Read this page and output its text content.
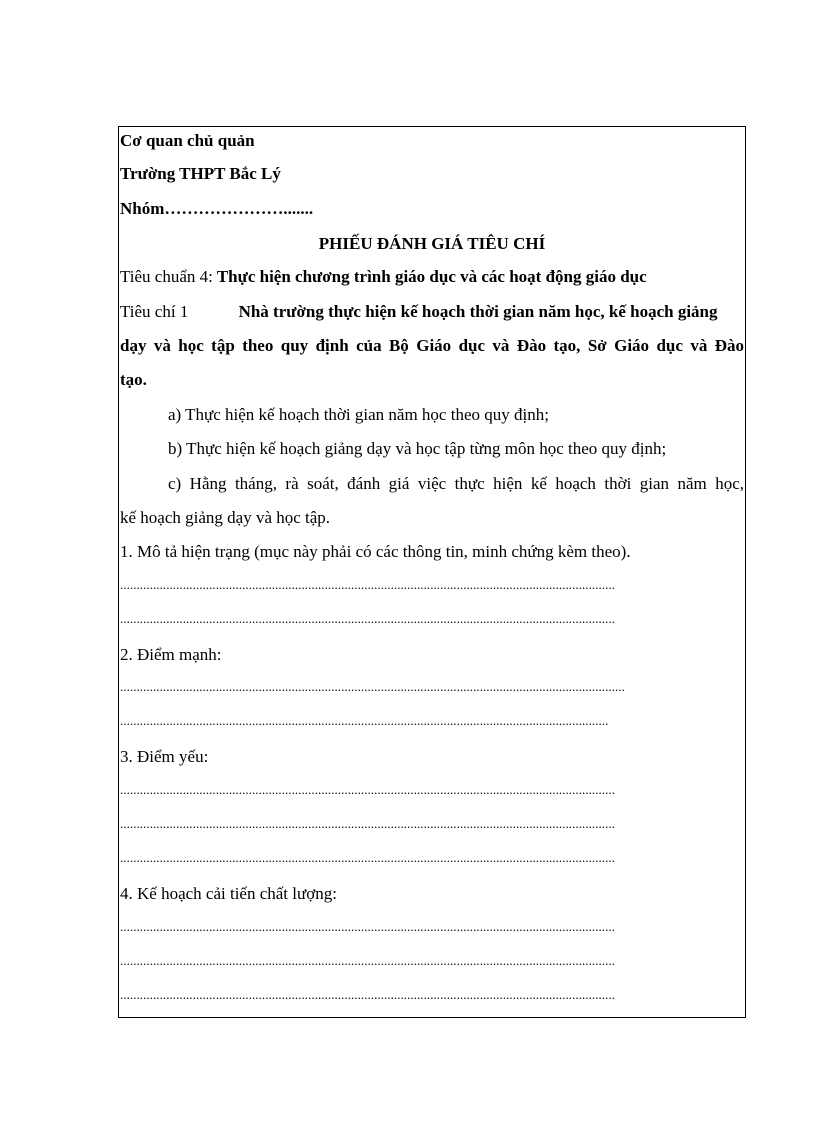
Cơ quan chủ quản
Trường THPT Bắc Lý
Nhóm………………….......
PHIẾU ĐÁNH GIÁ TIÊU CHÍ
Tiêu chuẩn 4: Thực hiện chương trình giáo dục và các hoạt động giáo dục
Tiêu chí 1	Nhà trường thực hiện kế hoạch thời gian năm học, kế hoạch giảng
dạy và học tập theo quy định của Bộ Giáo dục và Đào tạo, Sở Giáo dục và Đào
tạo.
a) Thực hiện kế hoạch thời gian năm học theo quy định;
b) Thực hiện kế hoạch giảng dạy và học tập từng môn học theo quy định;
c) Hằng tháng, rà soát, đánh giá việc thực hiện kế hoạch thời gian năm học,
kế hoạch giảng dạy và học tập.
1. Mô tả hiện trạng (mục này phải có các thông tin, minh chứng kèm theo).
......................................................................................................................................................
......................................................................................................................................................
2. Điểm mạnh:
.........................................................................................................................................................
....................................................................................................................................................
3. Điểm yếu:
......................................................................................................................................................
......................................................................................................................................................
......................................................................................................................................................
4. Kế hoạch cải tiến chất lượng:
......................................................................................................................................................
......................................................................................................................................................
......................................................................................................................................................
